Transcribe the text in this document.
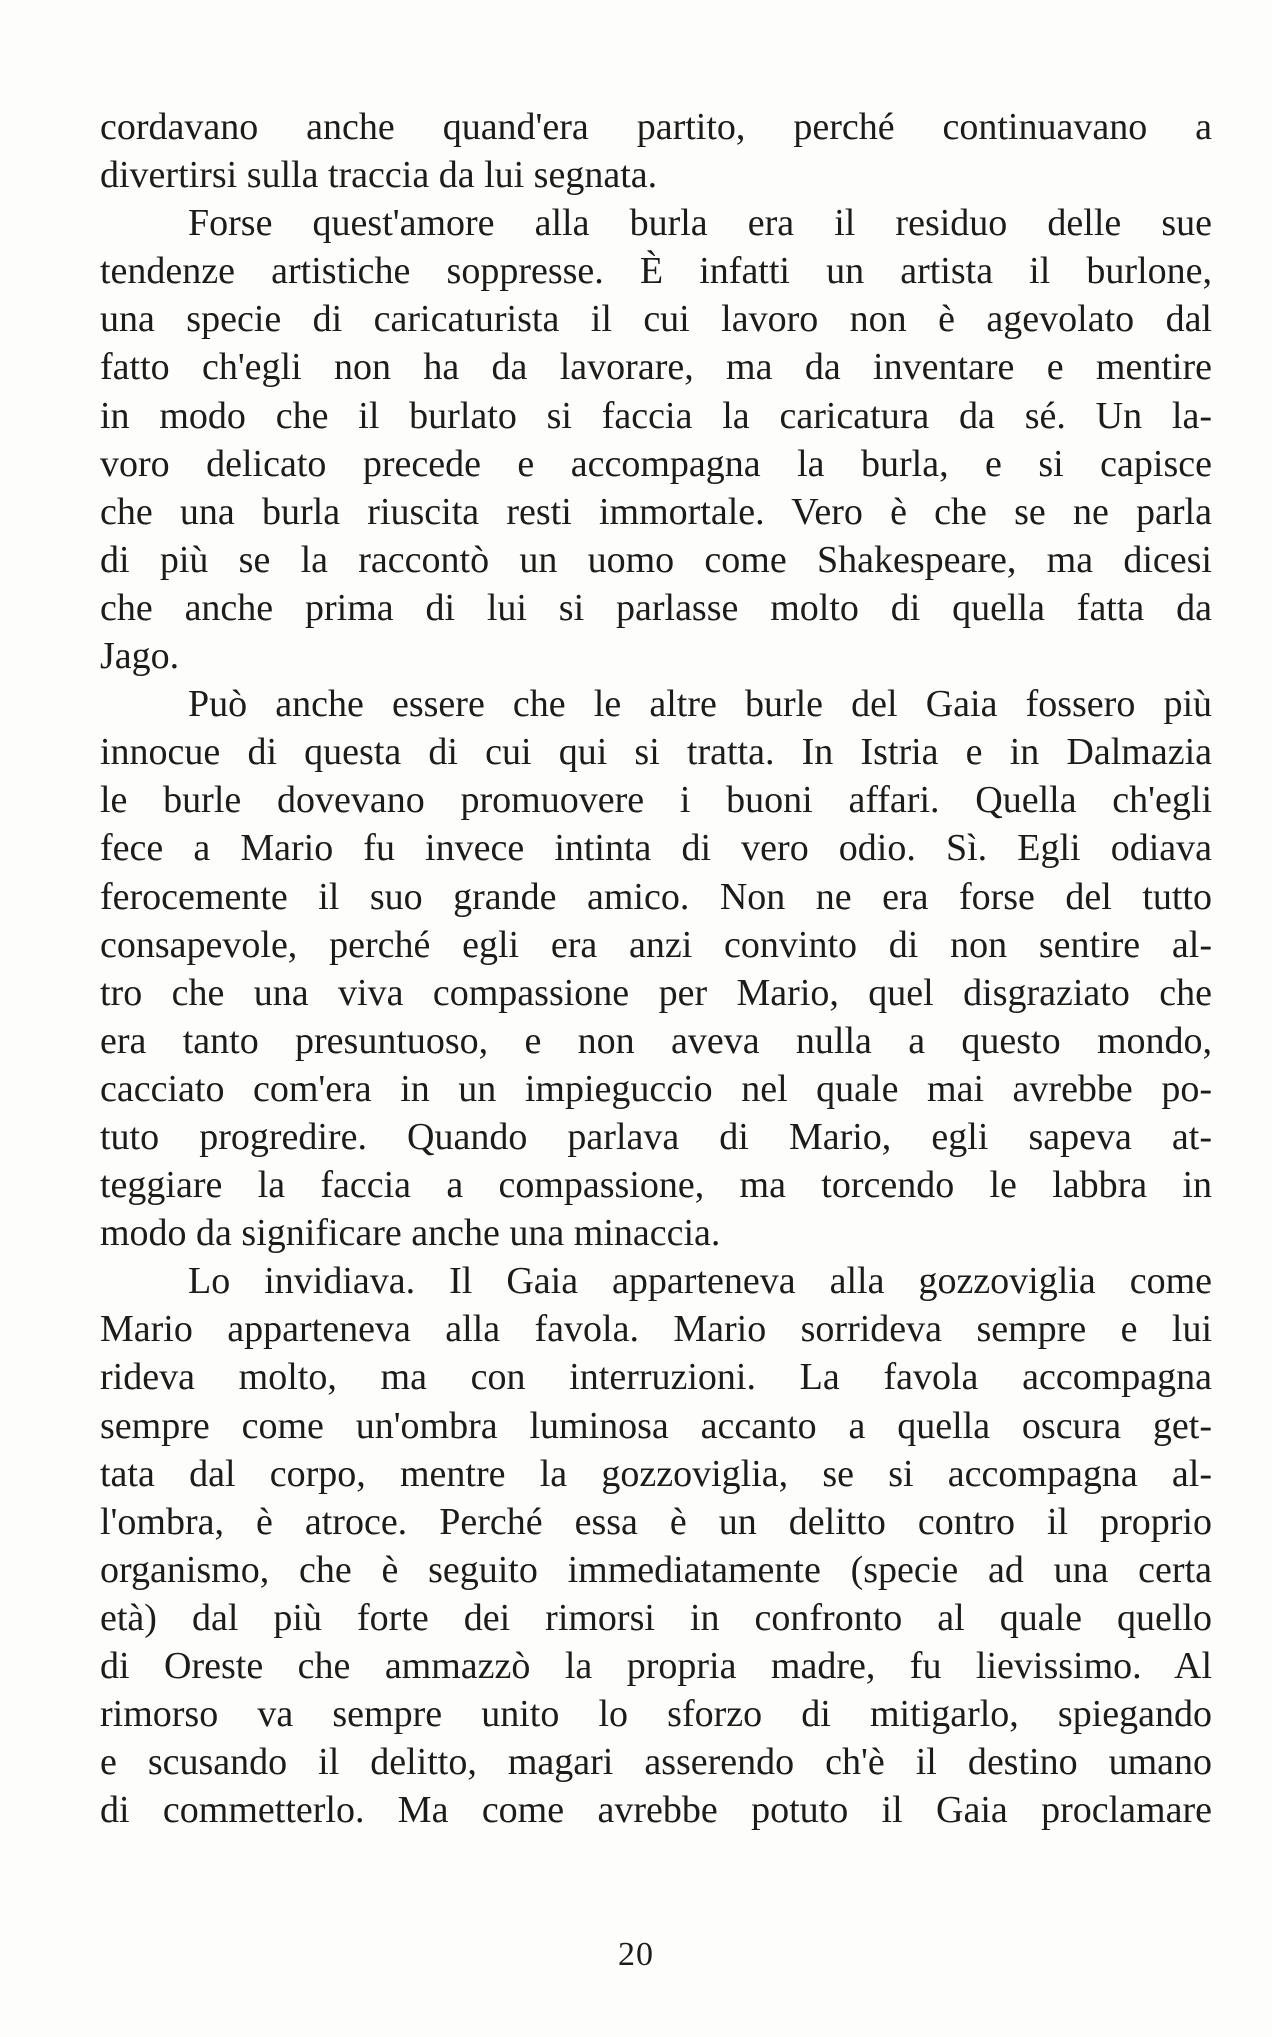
cordavano anche quand'era partito, perché continuavano a
divertirsi sulla traccia da lui segnata.
Forse quest'amore alla burla era il residuo delle sue
tendenze artistiche soppresse. È infatti un artista il burlone,
una specie di caricaturista il cui lavoro non è agevolato dal
fatto ch'egli non ha da lavorare, ma da inventare e mentire
in modo che il burlato si faccia la caricatura da sé. Un la-
voro delicato precede e accompagna la burla, e si capisce
che una burla riuscita resti immortale. Vero è che se ne parla
di più se la raccontò un uomo come Shakespeare, ma dicesi
che anche prima di lui si parlasse molto di quella fatta da
Jago.
Può anche essere che le altre burle del Gaia fossero più
innocue di questa di cui qui si tratta. In Istria e in Dalmazia
le burle dovevano promuovere i buoni affari. Quella ch'egli
fece a Mario fu invece intinta di vero odio. Sì. Egli odiava
ferocemente il suo grande amico. Non ne era forse del tutto
consapevole, perché egli era anzi convinto di non sentire al-
tro che una viva compassione per Mario, quel disgraziato che
era tanto presuntuoso, e non aveva nulla a questo mondo,
cacciato com'era in un impieguccio nel quale mai avrebbe po-
tuto progredire. Quando parlava di Mario, egli sapeva at-
teggiare la faccia a compassione, ma torcendo le labbra in
modo da significare anche una minaccia.
Lo invidiava. Il Gaia apparteneva alla gozzoviglia come
Mario apparteneva alla favola. Mario sorrideva sempre e lui
rideva molto, ma con interruzioni. La favola accompagna
sempre come un'ombra luminosa accanto a quella oscura get-
tata dal corpo, mentre la gozzoviglia, se si accompagna al-
l'ombra, è atroce. Perché essa è un delitto contro il proprio
organismo, che è seguito immediatamente (specie ad una certa
età) dal più forte dei rimorsi in confronto al quale quello
di Oreste che ammazzò la propria madre, fu lievissimo. Al
rimorso va sempre unito lo sforzo di mitigarlo, spiegando
e scusando il delitto, magari asserendo ch'è il destino umano
di commetterlo. Ma come avrebbe potuto il Gaia proclamare
20
